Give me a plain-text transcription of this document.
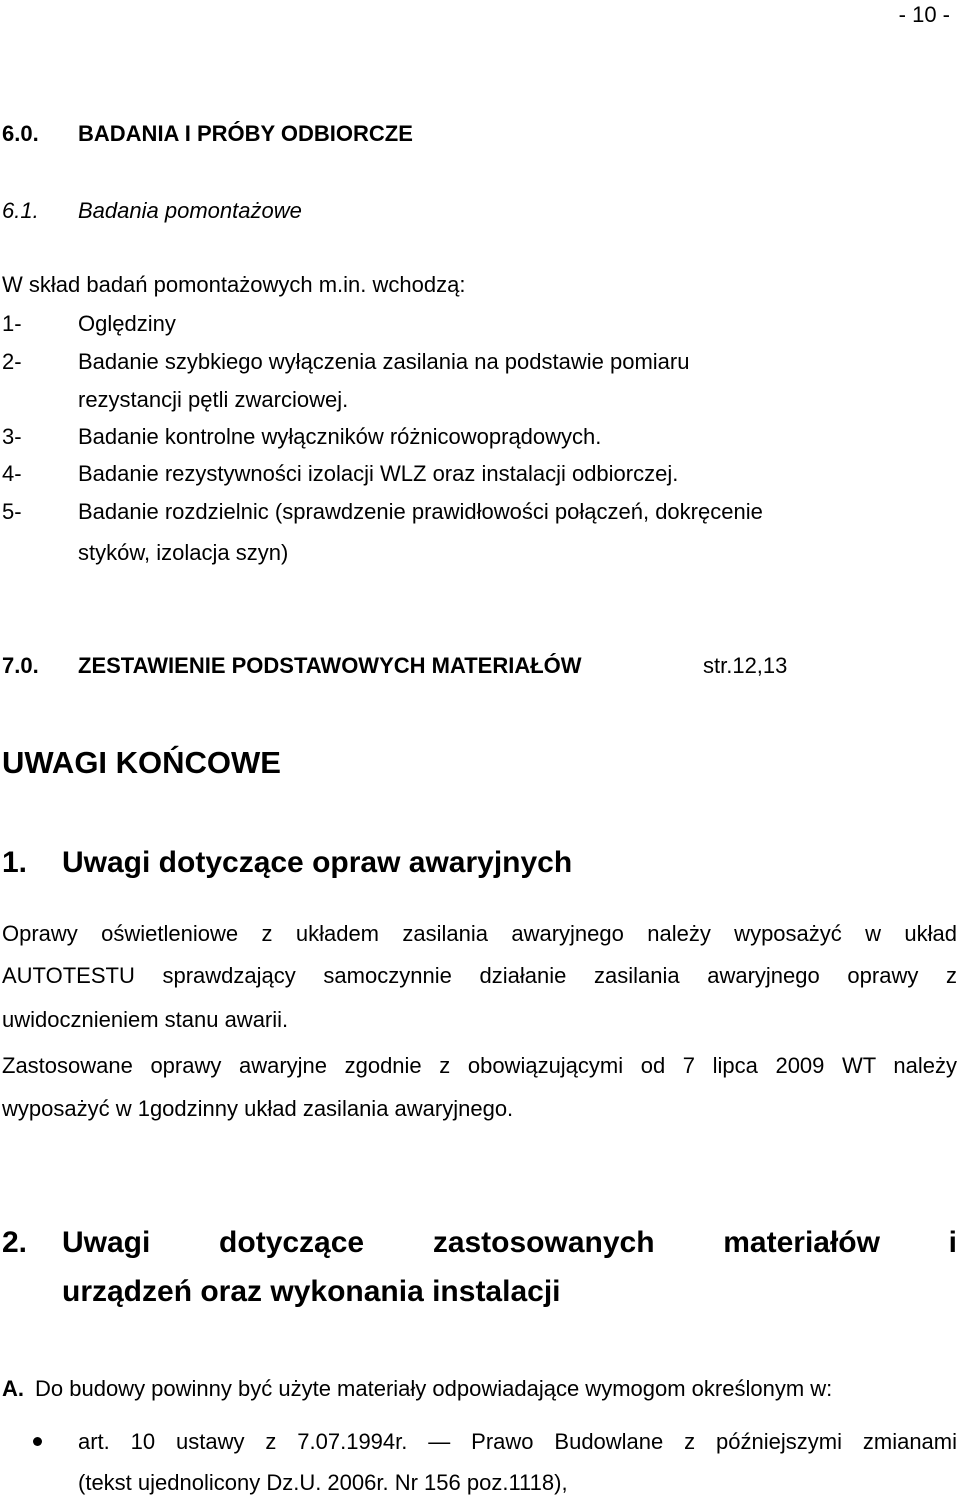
- 10 -
6.0. BADANIA I PRÓBY ODBIORCZE
6.1. Badania pomontażowe
W skład badań pomontażowych m.in. wchodzą:
1-	Oględziny
2-	Badanie szybkiego wyłączenia zasilania na podstawie pomiaru
rezystancji pętli zwarciowej.
3-	Badanie kontrolne wyłączników różnicowoprądowych.
4-	Badanie rezystywności izolacji WLZ oraz instalacji odbiorczej.
5-	Badanie rozdzielnic (sprawdzenie prawidłowości połączeń, dokręcenie
styków, izolacja szyn)
7.0. ZESTAWIENIE PODSTAWOWYCH MATERIAŁÓW	str.12,13
UWAGI KOŃCOWE
1. Uwagi dotyczące opraw awaryjnych
Oprawy oświetleniowe z układem zasilania awaryjnego należy wyposażyć w układ
AUTOTESTU sprawdzający samoczynnie działanie zasilania awaryjnego oprawy z
uwidocznieniem stanu awarii.
Zastosowane oprawy awaryjne zgodnie z obowiązującymi od 7 lipca 2009 WT należy
wyposażyć w 1godzinny układ zasilania awaryjnego.
2. Uwagi dotyczące zastosowanych materiałów i
urządzeń oraz wykonania instalacji
A. Do budowy powinny być użyte materiały odpowiadające wymogom określonym w:
art. 10 ustawy z 7.07.1994r. — Prawo Budowlane z późniejszymi zmianami
(tekst ujednolicony Dz.U. 2006r. Nr 156 poz.1118),
